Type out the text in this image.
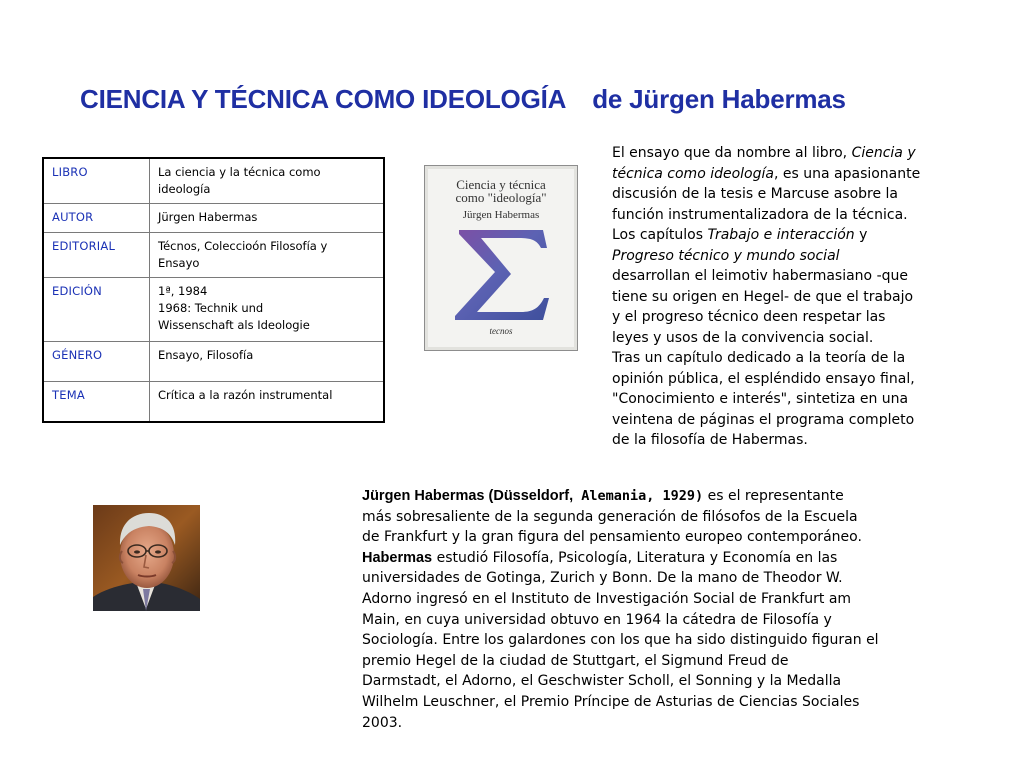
CIENCIA Y TÉCNICA COMO IDEOLOGÍA de Jürgen Habermas
LIBRO	La ciencia y la técnica como
ideología

AUTOR	Jürgen Habermas

EDITORIAL	Técnos, Coleccioón Filosofía y
Ensayo

EDICIÓN	1ª, 1984
1968: Technik und
Wissenschaft als Ideologie

GÉNERO	Ensayo, Filosofía

TEMA	Crítica a la razón instrumental
Ciencia y técnica
como "ideología"
Jürgen Habermas
tecnos
El ensayo que da nombre al libro, Ciencia y
técnica como ideología, es una apasionante
discusión de la tesis e Marcuse asobre la
función instrumentalizadora de la técnica.
Los capítulos Trabajo e interacción y
Progreso técnico y mundo social
desarrollan el leimotiv habermasiano -que
tiene su origen en Hegel- de que el trabajo
y el progreso técnico deen respetar las
leyes y usos de la convivencia social.
Tras un capítulo dedicado a la teoría de la
opinión pública, el espléndido ensayo final,
"Conocimiento e interés", sintetiza en una
veintena de páginas el programa completo
de la filosofía de Habermas.
Jürgen Habermas (Düsseldorf, Alemania, 1929) es el representante
más sobresaliente de la segunda generación de filósofos de la Escuela
de Frankfurt y la gran figura del pensamiento europeo contemporáneo.
Habermas estudió Filosofía, Psicología, Literatura y Economía en las
universidades de Gotinga, Zurich y Bonn. De la mano de Theodor W.
Adorno ingresó en el Instituto de Investigación Social de Frankfurt am
Main, en cuya universidad obtuvo en 1964 la cátedra de Filosofía y
Sociología. Entre los galardones con los que ha sido distinguido figuran el
premio Hegel de la ciudad de Stuttgart, el Sigmund Freud de
Darmstadt, el Adorno, el Geschwister Scholl, el Sonning y la Medalla
Wilhelm Leuschner, el Premio Príncipe de Asturias de Ciencias Sociales
2003.
